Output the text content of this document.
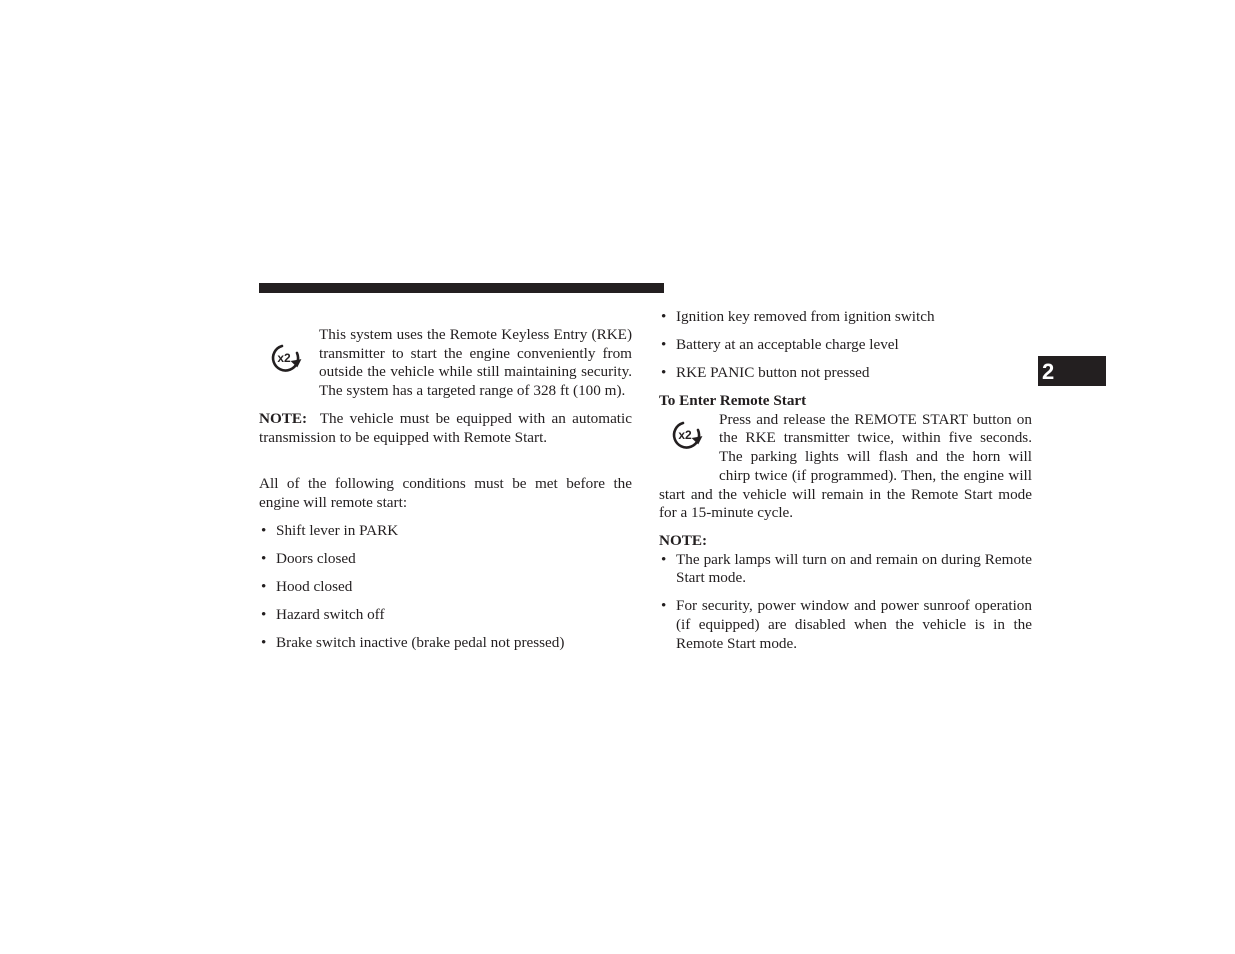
x2

This system uses the Remote Keyless Entry (RKE) transmitter to start the engine conveniently from outside the vehicle while still maintaining security. The system has a targeted range of 328 ft (100 m).

NOTE: The vehicle must be equipped with an automatic transmission to be equipped with Remote Start.

All of the following conditions must be met before the engine will remote start:

• Shift lever in PARK
• Doors closed
• Hood closed
• Hazard switch off
• Brake switch inactive (brake pedal not pressed)
• Ignition key removed from ignition switch
• Battery at an acceptable charge level
• RKE PANIC button not pressed

To Enter Remote Start

x2

Press and release the REMOTE START button on the RKE transmitter twice, within five seconds. The parking lights will flash and the horn will chirp twice (if programmed). Then, the engine will start and the vehicle will remain in the Remote Start mode for a 15-minute cycle.

NOTE:

• The park lamps will turn on and remain on during Remote Start mode.
• For security, power window and power sunroof operation (if equipped) are disabled when the vehicle is in the Remote Start mode.
2
